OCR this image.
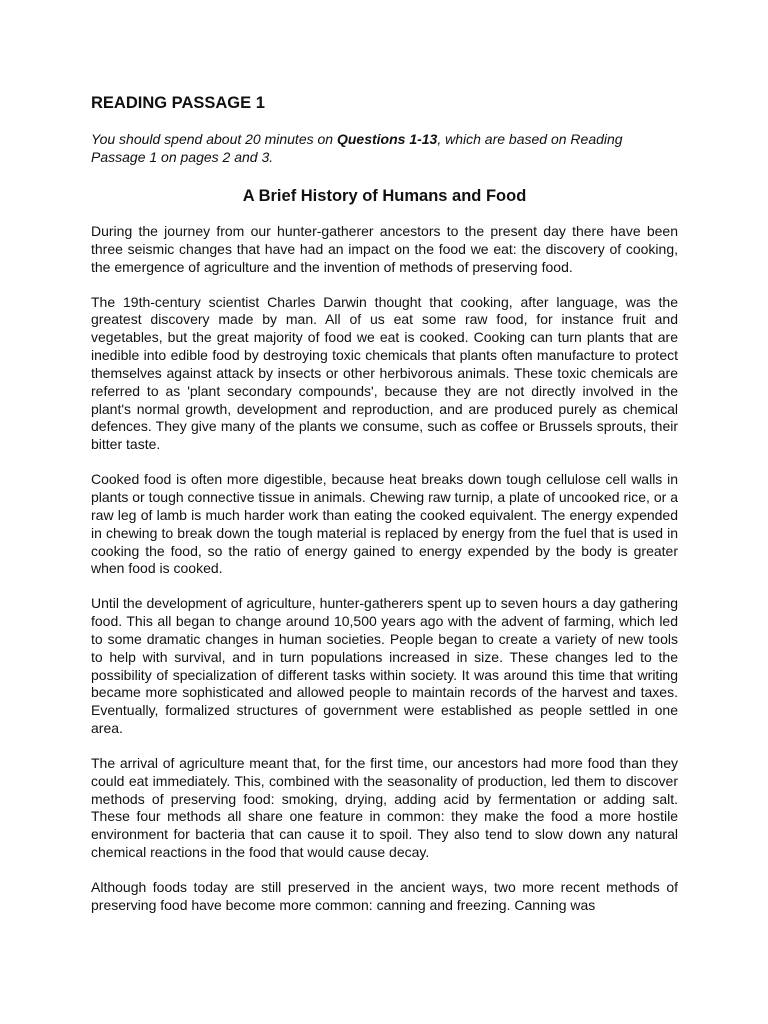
READING PASSAGE 1

You should spend about 20 minutes on Questions 1-13, which are based on Reading Passage 1 on pages 2 and 3.

A Brief History of Humans and Food

During the journey from our hunter-gatherer ancestors to the present day there have been three seismic changes that have had an impact on the food we eat: the discovery of cooking, the emergence of agriculture and the invention of methods of preserving food.

The 19th-century scientist Charles Darwin thought that cooking, after language, was the greatest discovery made by man. All of us eat some raw food, for instance fruit and vegetables, but the great majority of food we eat is cooked. Cooking can turn plants that are inedible into edible food by destroying toxic chemicals that plants often manufacture to protect themselves against attack by insects or other herbivorous animals. These toxic chemicals are referred to as 'plant secondary compounds', because they are not directly involved in the plant's normal growth, development and reproduction, and are produced purely as chemical defences. They give many of the plants we consume, such as coffee or Brussels sprouts, their bitter taste.

Cooked food is often more digestible, because heat breaks down tough cellulose cell walls in plants or tough connective tissue in animals. Chewing raw turnip, a plate of uncooked rice, or a raw leg of lamb is much harder work than eating the cooked equivalent. The energy expended in chewing to break down the tough material is replaced by energy from the fuel that is used in cooking the food, so the ratio of energy gained to energy expended by the body is greater when food is cooked.

Until the development of agriculture, hunter-gatherers spent up to seven hours a day gathering food. This all began to change around 10,500 years ago with the advent of farming, which led to some dramatic changes in human societies. People began to create a variety of new tools to help with survival, and in turn populations increased in size. These changes led to the possibility of specialization of different tasks within society. It was around this time that writing became more sophisticated and allowed people to maintain records of the harvest and taxes. Eventually, formalized structures of government were established as people settled in one area.

The arrival of agriculture meant that, for the first time, our ancestors had more food than they could eat immediately. This, combined with the seasonality of production, led them to discover methods of preserving food: smoking, drying, adding acid by fermentation or adding salt. These four methods all share one feature in common: they make the food a more hostile environment for bacteria that can cause it to spoil. They also tend to slow down any natural chemical reactions in the food that would cause decay.

Although foods today are still preserved in the ancient ways, two more recent methods of preserving food have become more common: canning and freezing. Canning was
